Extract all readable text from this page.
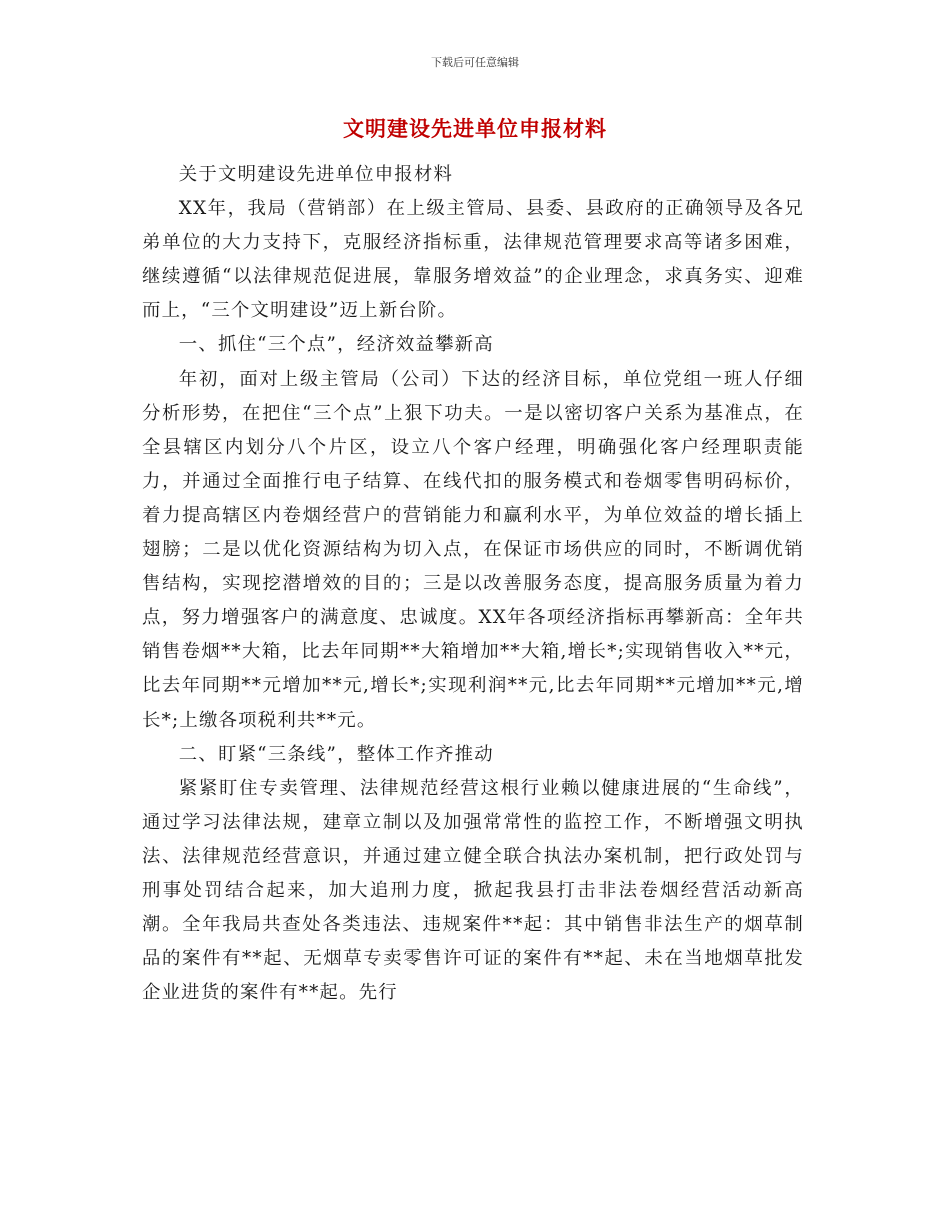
下载后可任意编辑
文明建设先进单位申报材料

关于文明建设先进单位申报材料

XX年，我局（营销部）在上级主管局、县委、县政府的正确领导及各兄弟单位的大力支持下，克服经济指标重，法律规范管理要求高等诸多困难，继续遵循“以法律规范促进展，靠服务增效益”的企业理念，求真务实、迎难而上，“三个文明建设”迈上新台阶。

一、抓住“三个点”，经济效益攀新高

年初，面对上级主管局（公司）下达的经济目标，单位党组一班人仔细分析形势，在把住“三个点”上狠下功夫。一是以密切客户关系为基准点，在全县辖区内划分八个片区，设立八个客户经理，明确强化客户经理职责能力，并通过全面推行电子结算、在线代扣的服务模式和卷烟零售明码标价，着力提高辖区内卷烟经营户的营销能力和赢利水平，为单位效益的增长插上翅膀；二是以优化资源结构为切入点，在保证市场供应的同时，不断调优销售结构，实现挖潜增效的目的；三是以改善服务态度，提高服务质量为着力点，努力增强客户的满意度、忠诚度。XX年各项经济指标再攀新高：全年共销售卷烟**大箱，比去年同期**大箱增加**大箱,增长*;实现销售收入**元，比去年同期**元增加**元,增长*;实现利润**元,比去年同期**元增加**元,增长*;上缴各项税利共**元。

二、盯紧“三条线”，整体工作齐推动

紧紧盯住专卖管理、法律规范经营这根行业赖以健康进展的“生命线”，通过学习法律法规，建章立制以及加强常常性的监控工作，不断增强文明执法、法律规范经营意识，并通过建立健全联合执法办案机制，把行政处罚与刑事处罚结合起来，加大追刑力度，掀起我县打击非法卷烟经营活动新高潮。全年我局共查处各类违法、违规案件**起：其中销售非法生产的烟草制品的案件有**起、无烟草专卖零售许可证的案件有**起、未在当地烟草批发企业进货的案件有**起。先行
